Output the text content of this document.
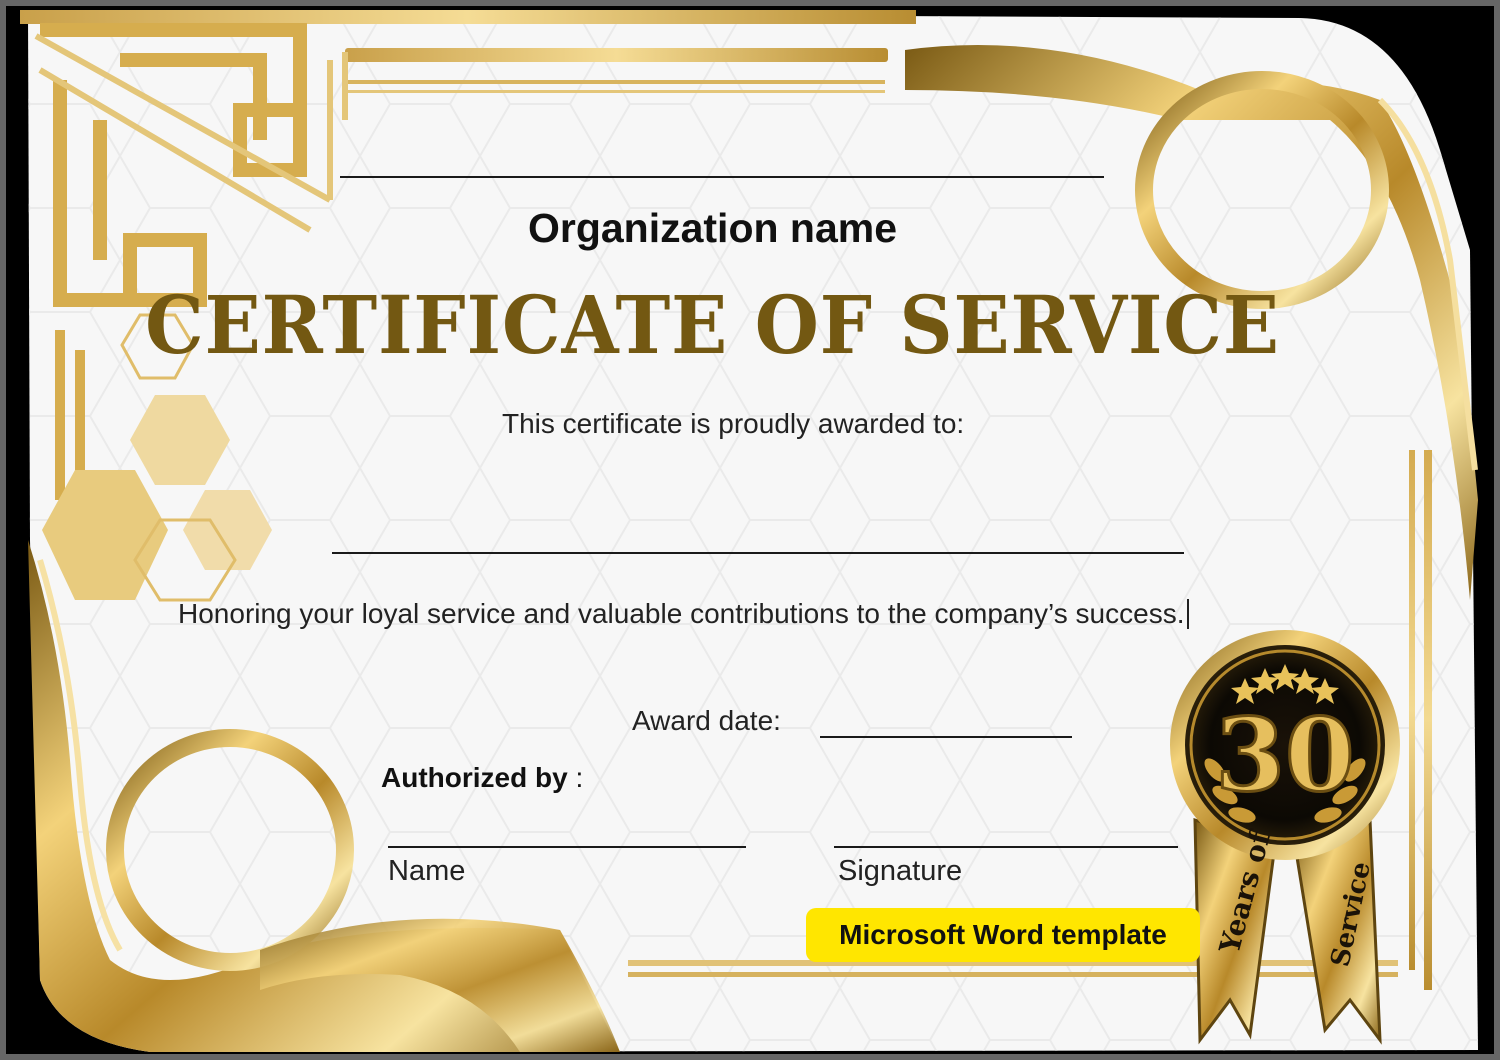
30
Years of Service
Organization name
CERTIFICATE OF SERVICE
This certificate is proudly awarded to:
Honoring your loyal service and valuable contributions to the company’s success.
Award date:
Authorized by :
Name	Signature
Microsoft Word template
